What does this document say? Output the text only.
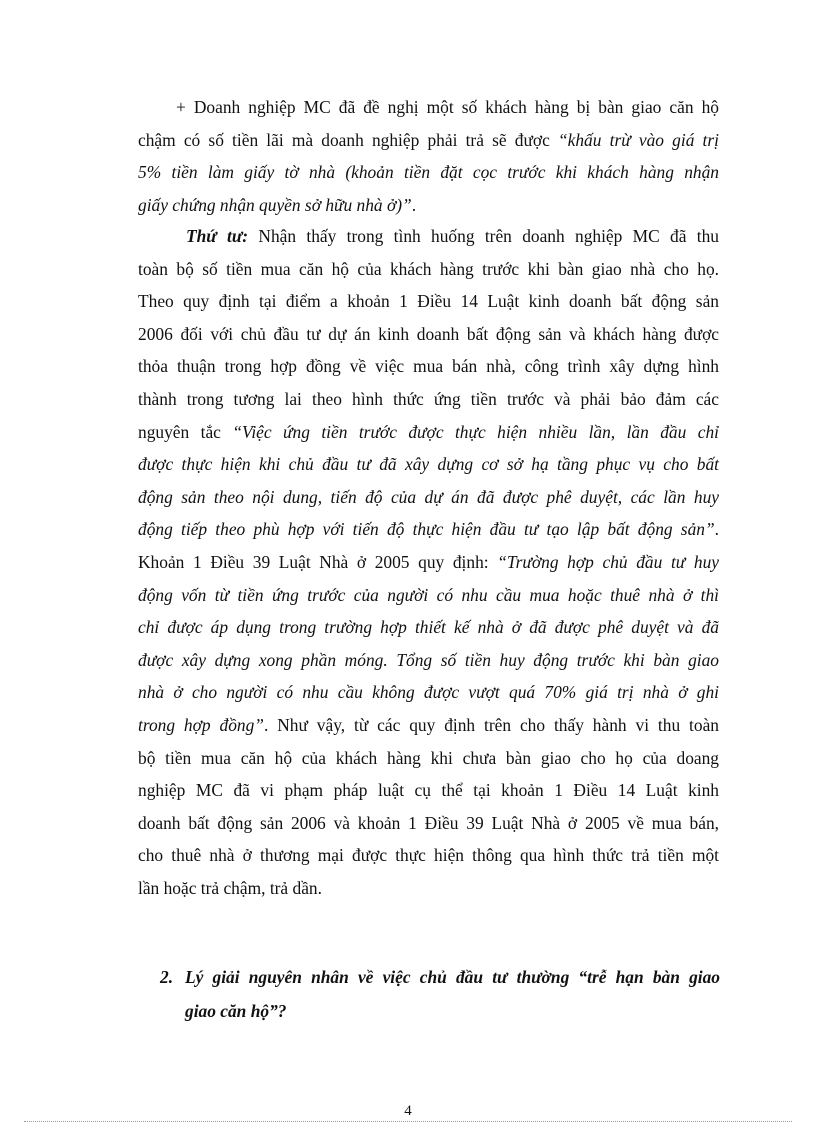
+ Doanh nghiệp MC đã đề nghị một số khách hàng bị bàn giao căn hộ
chậm có số tiền lãi mà doanh nghiệp phải trả sẽ được “khấu trừ vào giá trị
5% tiền làm giấy tờ nhà (khoản tiền đặt cọc trước khi khách hàng nhận
giấy chứng nhận quyền sở hữu nhà ở)”.
Thứ tư: Nhận thấy trong tình huống trên doanh nghiệp MC đã thu
toàn bộ số tiền mua căn hộ của khách hàng trước khi bàn giao nhà cho họ.
Theo quy định tại điểm a khoản 1 Điều 14 Luật kinh doanh bất động sản
2006 đối với chủ đầu tư dự án kinh doanh bất động sản và khách hàng được
thỏa thuận trong hợp đồng về việc mua bán nhà, công trình xây dựng hình
thành trong tương lai theo hình thức ứng tiền trước và phải bảo đảm các
nguyên tắc “Việc ứng tiền trước được thực hiện nhiều lần, lần đầu chỉ
được thực hiện khi chủ đầu tư đã xây dựng cơ sở hạ tầng phục vụ cho bất
động sản theo nội dung, tiến độ của dự án đã được phê duyệt, các lần huy
động tiếp theo phù hợp với tiến độ thực hiện đầu tư tạo lập bất động sản”.
Khoản 1 Điều 39 Luật Nhà ở 2005 quy định: “Trường hợp chủ đầu tư huy
động vốn từ tiền ứng trước của người có nhu cầu mua hoặc thuê nhà ở thì
chỉ được áp dụng trong trường hợp thiết kế nhà ở đã được phê duyệt và đã
được xây dựng xong phần móng. Tổng số tiền huy động trước khi bàn giao
nhà ở cho người có nhu cầu không được vượt quá 70% giá trị nhà ở ghi
trong hợp đồng”. Như vậy, từ các quy định trên cho thấy hành vi thu toàn
bộ tiền mua căn hộ của khách hàng khi chưa bàn giao cho họ của doang
nghiệp MC đã vi phạm pháp luật cụ thể tại khoản 1 Điều 14 Luật kinh
doanh bất động sản 2006 và khoản 1 Điều 39 Luật Nhà ở 2005 về mua bán,
cho thuê nhà ở thương mại được thực hiện thông qua hình thức trả tiền một
lần hoặc trả chậm, trả dần.
2. Lý giải nguyên nhân về việc chủ đầu tư thường “trễ hạn bàn giao
giao căn hộ”?
4
